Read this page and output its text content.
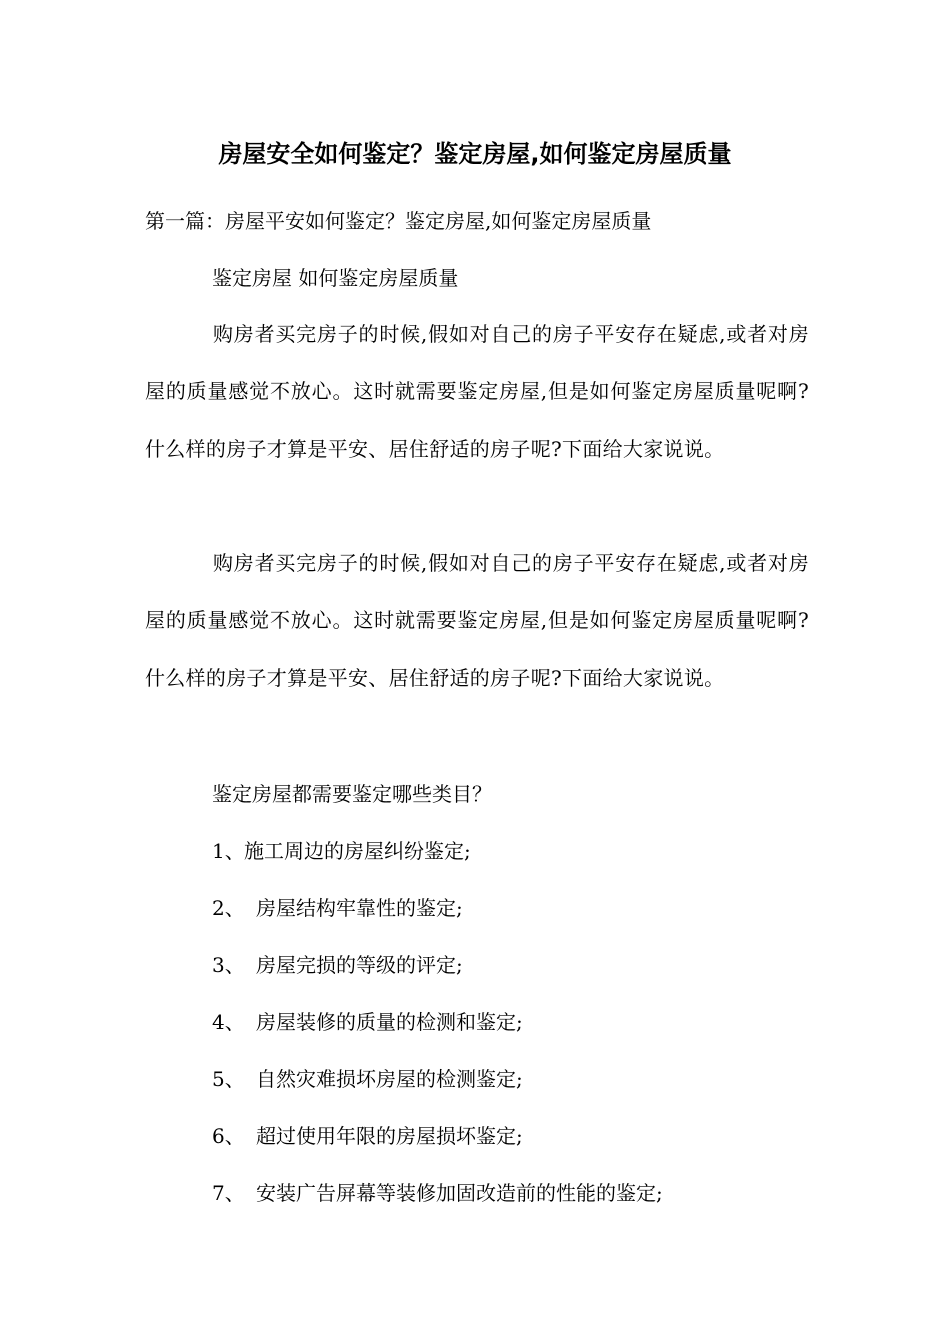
房屋安全如何鉴定？鉴定房屋,如何鉴定房屋质量
第一篇：房屋平安如何鉴定？鉴定房屋,如何鉴定房屋质量
鉴定房屋 如何鉴定房屋质量
购房者买完房子的时候,假如对自己的房子平安存在疑虑,或者对房屋的质量感觉不放心。这时就需要鉴定房屋,但是如何鉴定房屋质量呢啊?什么样的房子才算是平安、居住舒适的房子呢?下面给大家说说。
购房者买完房子的时候,假如对自己的房子平安存在疑虑,或者对房屋的质量感觉不放心。这时就需要鉴定房屋,但是如何鉴定房屋质量呢啊?什么样的房子才算是平安、居住舒适的房子呢?下面给大家说说。
鉴定房屋都需要鉴定哪些类目？
1、施工周边的房屋纠纷鉴定;
2、 房屋结构牢靠性的鉴定;
3、 房屋完损的等级的评定;
4、 房屋装修的质量的检测和鉴定;
5、 自然灾难损坏房屋的检测鉴定;
6、 超过使用年限的房屋损坏鉴定;
7、 安装广告屏幕等装修加固改造前的性能的鉴定;
